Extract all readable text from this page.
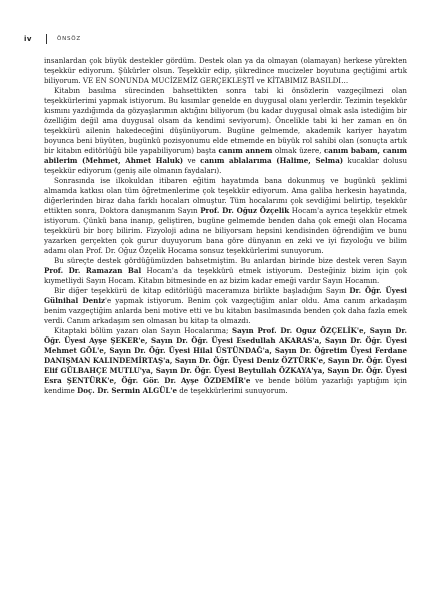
iv	ÖNSÖZ

insanlardan çok büyük destekler gördüm. Destek olan ya da olmayan (olamayan) herkese yürekten teşekkür ediyorum. Şükürler olsun. Teşekkür edip, şükredince mucizeler boyutuna geçtiğimi artık biliyorum. VE EN SONUNDA MUCİZEMİZ GERÇEKLEŞTİ ve KİTABIMIZ BASILDI…

Kitabın basılma sürecinden bahsettikten sonra tabi ki önsözlerin vazgeçilmezi olan teşekkürlerimi yapmak istiyorum. Bu kısımlar genelde en duygusal olanı yerlerdir. Tezimin teşekkür kısmını yazdığımda da gözyaşlarımın aktığını biliyorum (bu kadar duygusal olmak asla istediğim bir özelliğim değil ama duygusal olsam da kendimi seviyorum). Öncelikle tabi ki her zaman en ön teşekkürü ailenin hakedeceğini düşünüyorum. Bugüne gelmemde, akademik kariyer hayatım boyunca beni büyüten, bugünkü pozisyonumu elde etmemde en büyük rol sahibi olan (sonuçta artık bir kitabın editörlüğü bile yapabiliyorum) başta canım annem olmak üzere, canım babam, canım abilerim (Mehmet, Ahmet Haluk) ve canım ablalarıma (Halime, Selma) kucaklar dolusu teşekkür ediyorum (geniş aile olmanın faydaları).

Sonrasında ise ilkokuldan itibaren eğitim hayatımda bana dokunmuş ve bugünkü şeklimi almamda katkısı olan tüm öğretmenlerime çok teşekkür ediyorum. Ama galiba herkesin hayatında, diğerlerinden biraz daha farklı hocaları olmuştur. Tüm hocalarımı çok sevdiğimi belirtip, teşekkür ettikten sonra, Doktora danışmanım Sayın Prof. Dr. Oğuz Özçelik Hocam'a ayrıca teşekkür etmek istiyorum. Çünkü bana inanıp, geliştiren, bugüne gelmemde benden daha çok emeği olan Hocama teşekkürü bir borç bilirim. Fizyoloji adına ne biliyorsam hepsini kendisinden öğrendiğim ve bunu yazarken gerçekten çok gurur duyuyorum bana göre dünyanın en zeki ve iyi fizyoloğu ve bilim adamı olan Prof. Dr. Oğuz Özçelik Hocama sonsuz teşekkürlerimi sunuyorum.

Bu süreçte destek gördüğümüzden bahsetmiştim. Bu anlardan birinde bize destek veren Sayın Prof. Dr. Ramazan Bal Hocam'a da teşekkürü etmek istiyorum. Desteğiniz bizim için çok kıymetliydi Sayın Hocam. Kitabın bitmesinde en az bizim kadar emeği vardır Sayın Hocamın.

Bir diğer teşekkürü de kitap editörlüğü maceramıza birlikte başladığım Sayın Dr. Öğr. Üyesi Gülnihal Deniz'e yapmak istiyorum. Benim çok vazgeçtiğim anlar oldu. Ama canım arkadaşım benim vazgeçtiğim anlarda beni motive etti ve bu kitabın basılmasında benden çok daha fazla emek verdi. Canım arkadaşım sen olmasan bu kitap ta olmazdı.

Kitaptaki bölüm yazarı olan Sayın Hocalarıma; Sayın Prof. Dr. Oguz ÖZÇELİK'e, Sayın Dr. Öğr. Üyesi Ayşe ŞEKER'e, Sayın Dr. Öğr. Üyesi Esedullah AKARAS'a, Sayın Dr. Öğr. Üyesi Mehmet GÖL'e, Sayın Dr. Öğr. Üyesi Hilal ÜSTÜNDAĞ'a, Sayın Dr. Öğretim Üyesi Ferdane DANIŞMAN KALINDEMİRTAŞ'a, Sayın Dr. Öğr. Üyesi Deniz ÖZTÜRK'e, Sayın Dr. Öğr. Üyesi Elif GÜLBAHÇE MUTLU'ya, Sayın Dr. Öğr. Üyesi Beytullah ÖZKAYA'ya, Sayın Dr. Öğr. Üyesi Esra ŞENTÜRK'e, Öğr. Gör. Dr. Ayşe ÖZDEMİR'e ve bende bölüm yazarlığı yaptığım için kendime Doç. Dr. Sermin ALGÜL'e de teşekkürlerimi sunuyorum.
